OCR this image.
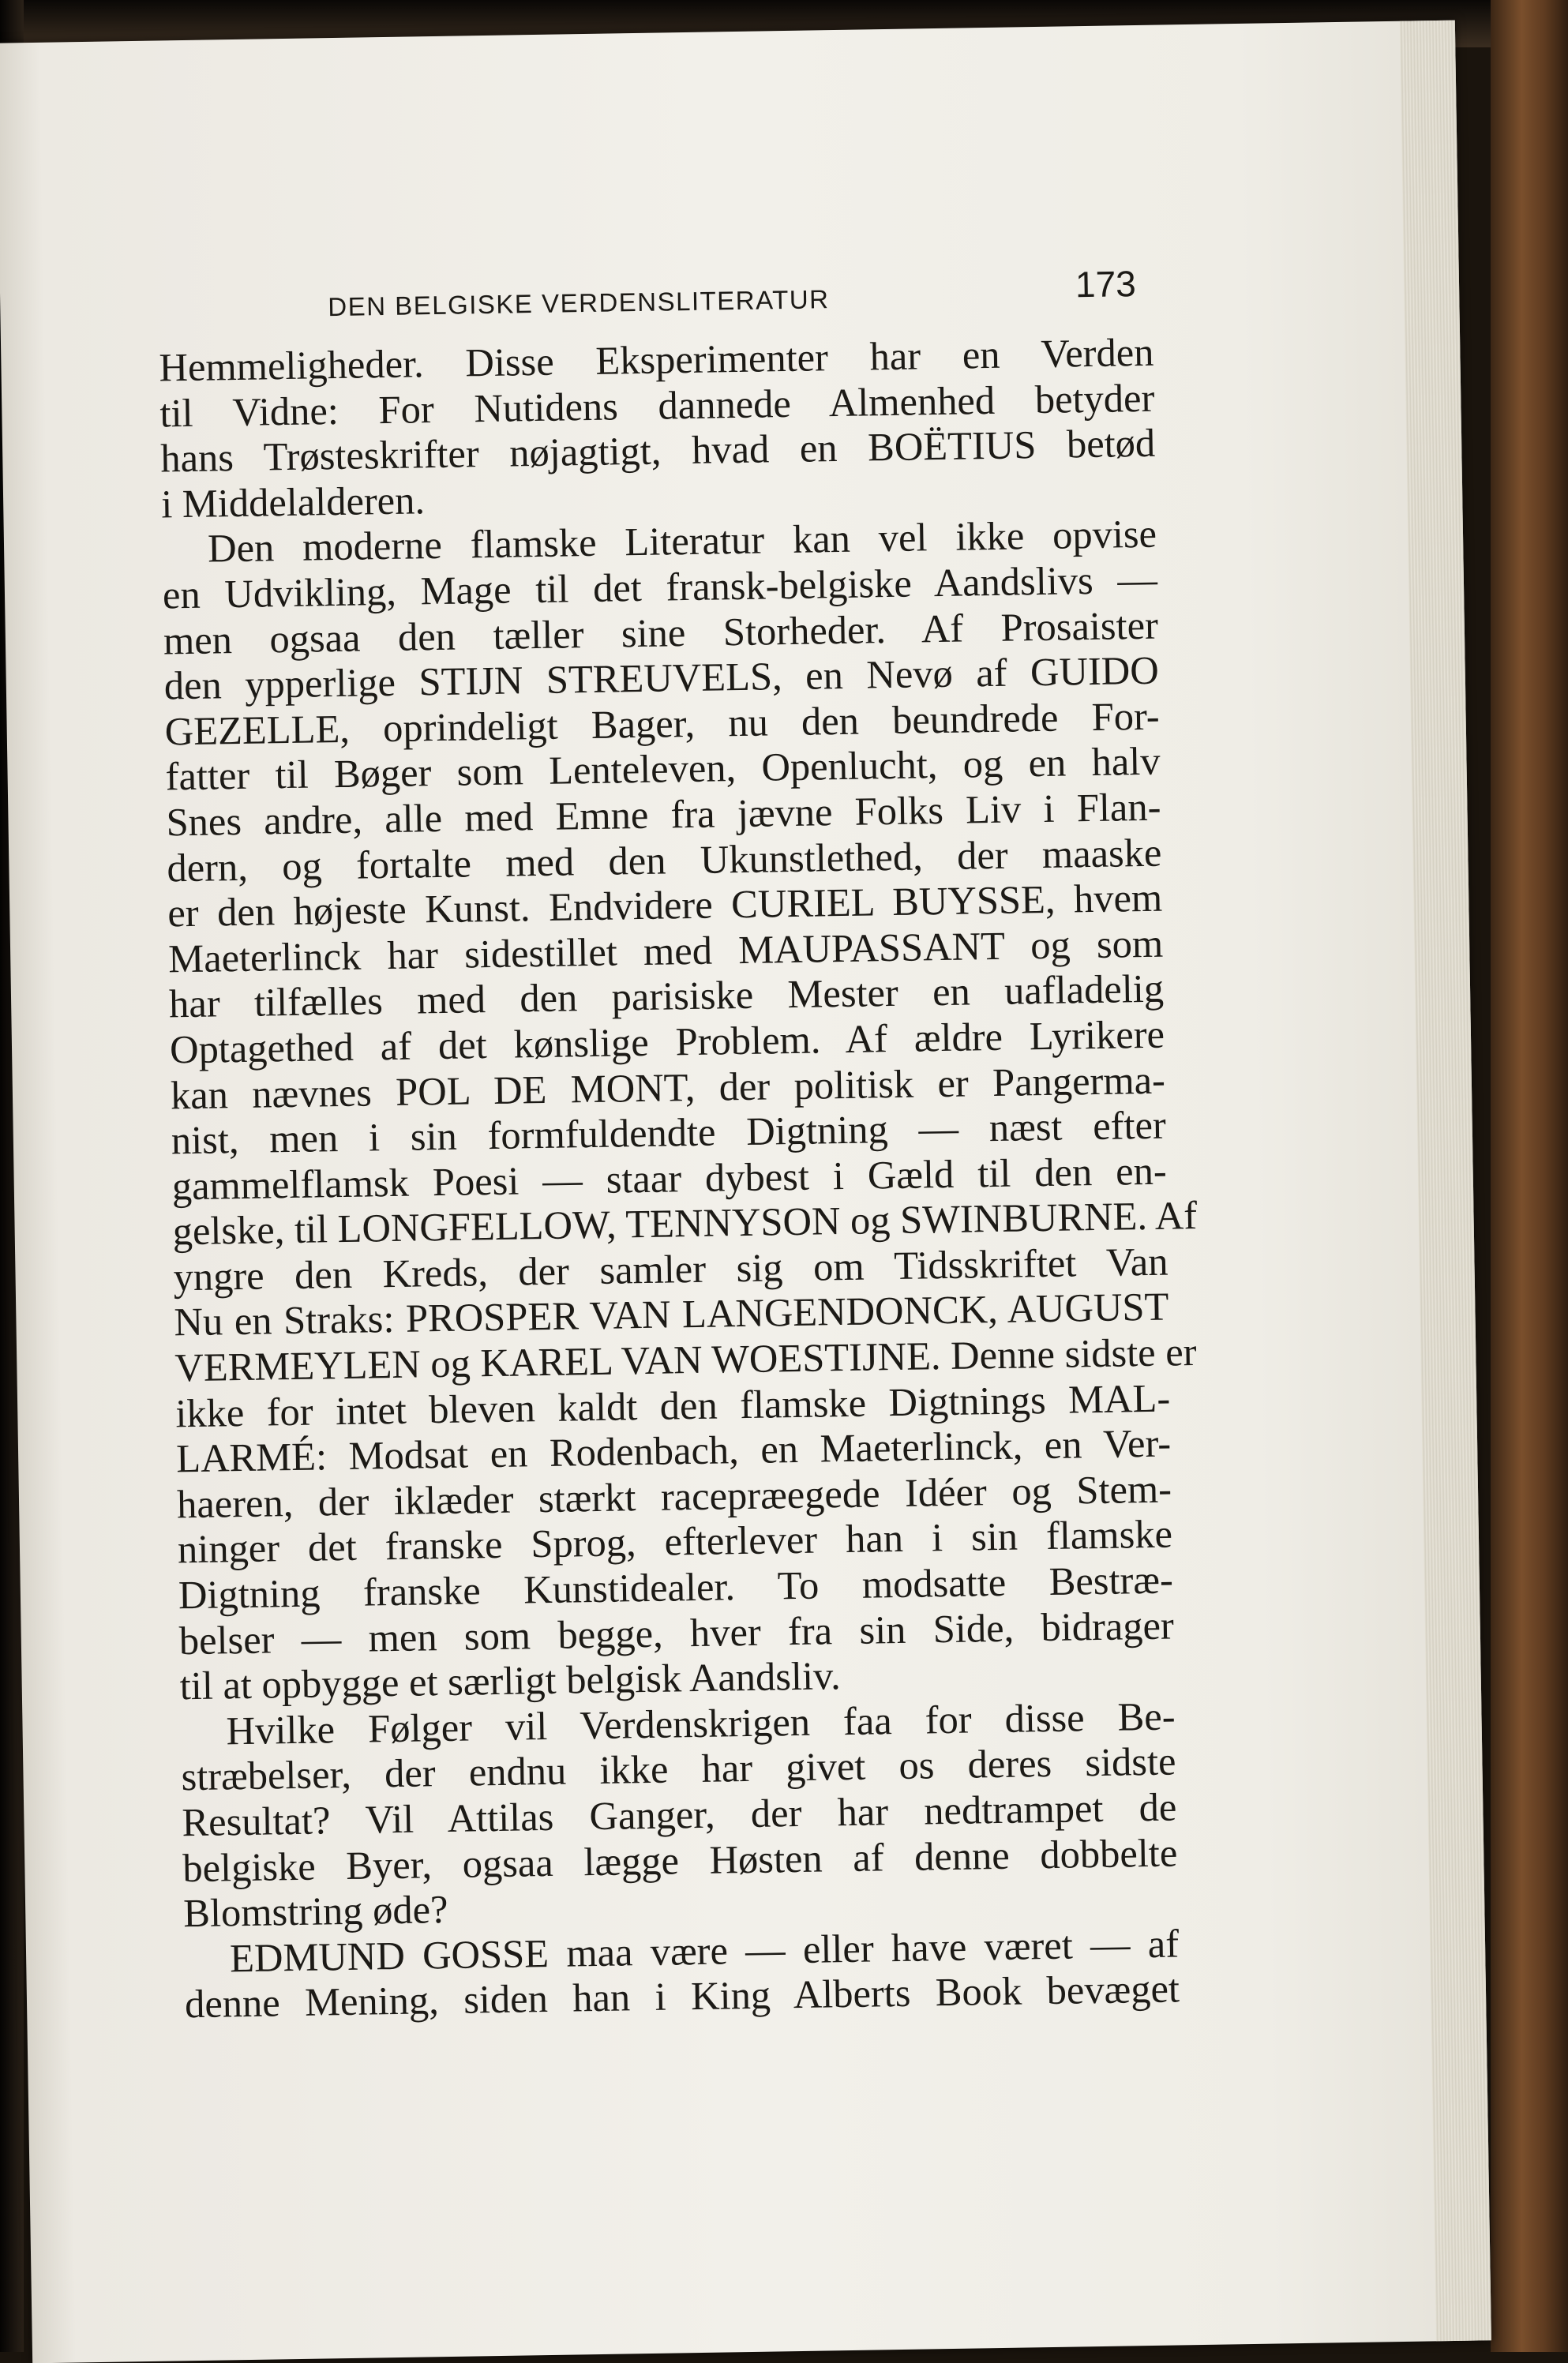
DEN BELGISKE VERDENSLITERATUR	173
Hemmeligheder. Disse Eksperimenter har en Verden
til Vidne: For Nutidens dannede Almenhed betyder
hans Trøsteskrifter nøjagtigt, hvad en BOËTIUS betød
i Middelalderen.
Den moderne flamske Literatur kan vel ikke opvise
en Udvikling, Mage til det fransk-belgiske Aandslivs —
men ogsaa den tæller sine Storheder. Af Prosaister
den ypperlige STIJN STREUVELS, en Nevø af GUIDO
GEZELLE, oprindeligt Bager, nu den beundrede For-
fatter til Bøger som Lenteleven, Openlucht, og en halv
Snes andre, alle med Emne fra jævne Folks Liv i Flan-
dern, og fortalte med den Ukunstlethed, der maaske
er den højeste Kunst. Endvidere CURIEL BUYSSE, hvem
Maeterlinck har sidestillet med MAUPASSANT og som
har tilfælles med den parisiske Mester en uafladelig
Optagethed af det kønslige Problem. Af ældre Lyrikere
kan nævnes POL DE MONT, der politisk er Pangerma-
nist, men i sin formfuldendte Digtning — næst efter
gammelflamsk Poesi — staar dybest i Gæld til den en-
gelske, til LONGFELLOW, TENNYSON og SWINBURNE. Af
yngre den Kreds, der samler sig om Tidsskriftet Van
Nu en Straks: PROSPER VAN LANGENDONCK, AUGUST
VERMEYLEN og KAREL VAN WOESTIJNE. Denne sidste er
ikke for intet bleven kaldt den flamske Digtnings MAL-
LARMÉ: Modsat en Rodenbach, en Maeterlinck, en Ver-
haeren, der iklæder stærkt racepræegede Idéer og Stem-
ninger det franske Sprog, efterlever han i sin flamske
Digtning franske Kunstidealer. To modsatte Bestræ-
belser — men som begge, hver fra sin Side, bidrager
til at opbygge et særligt belgisk Aandsliv.
Hvilke Følger vil Verdenskrigen faa for disse Be-
stræbelser, der endnu ikke har givet os deres sidste
Resultat? Vil Attilas Ganger, der har nedtrampet de
belgiske Byer, ogsaa lægge Høsten af denne dobbelte
Blomstring øde?
EDMUND GOSSE maa være — eller have været — af
denne Mening, siden han i King Alberts Book bevæget
